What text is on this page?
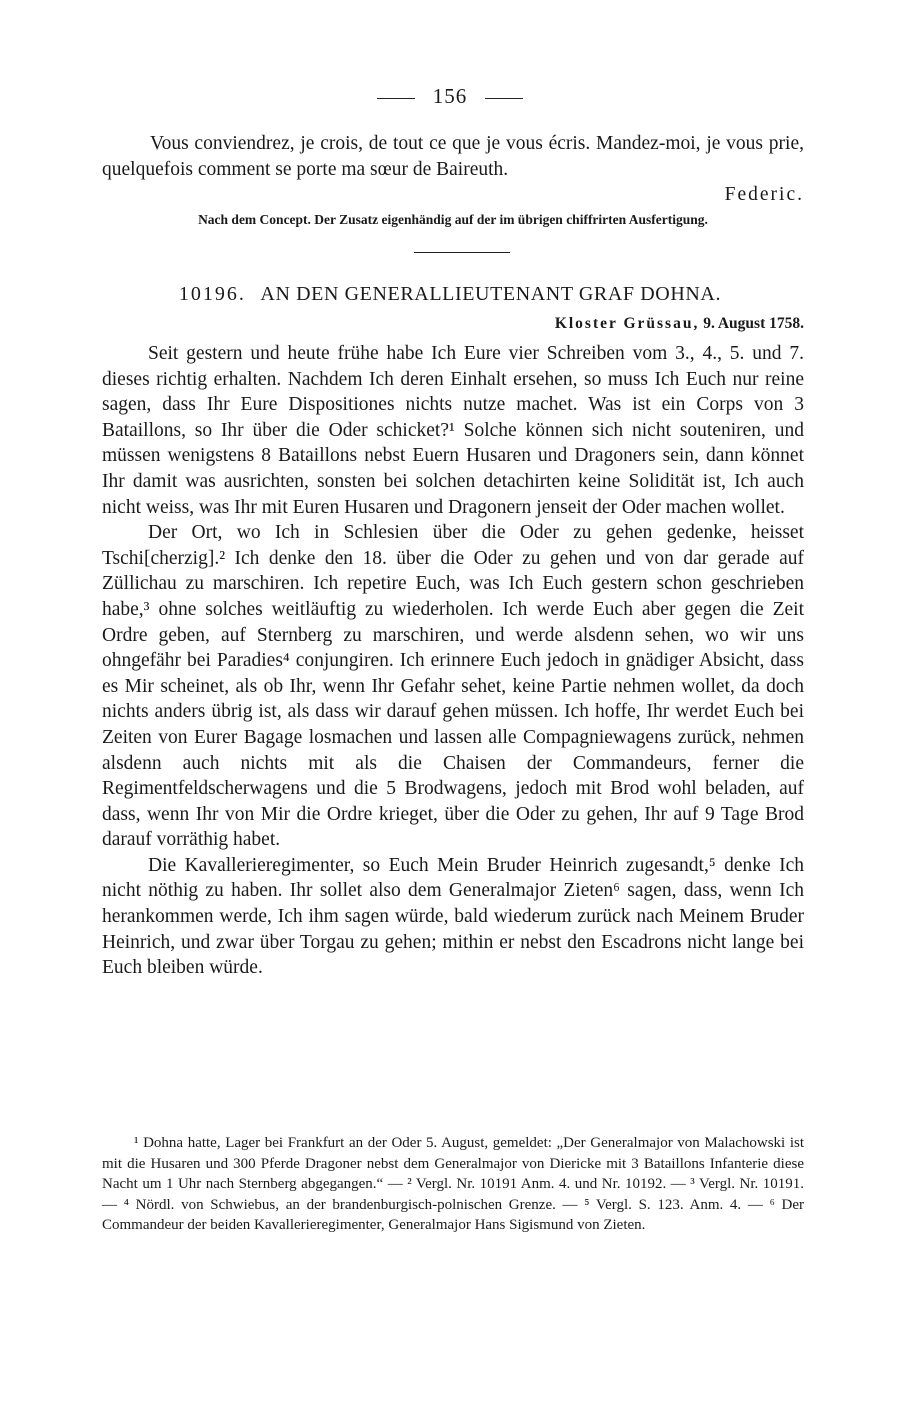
156
Vous conviendrez, je crois, de tout ce que je vous écris. Mandez-moi, je vous prie, quelquefois comment se porte ma sœur de Baireuth.
Federic.
Nach dem Concept. Der Zusatz eigenhändig auf der im übrigen chiffrirten Ausfertigung.
10196. AN DEN GENERALLIEUTENANT GRAF DOHNA.
Kloster Grüssau, 9. August 1758.

Seit gestern und heute frühe habe Ich Eure vier Schreiben vom 3., 4., 5. und 7. dieses richtig erhalten. Nachdem Ich deren Einhalt ersehen, so muss Ich Euch nur reine sagen, dass Ihr Eure Dispositiones nichts nutze machet. Was ist ein Corps von 3 Bataillons, so Ihr über die Oder schicket?¹ Solche können sich nicht souteniren, und müssen wenigstens 8 Bataillons nebst Euern Husaren und Dragoners sein, dann könnet Ihr damit was ausrichten, sonsten bei solchen detachirten keine Solidität ist, Ich auch nicht weiss, was Ihr mit Euren Husaren und Dragonern jenseit der Oder machen wollet.

Der Ort, wo Ich in Schlesien über die Oder zu gehen gedenke, heisset Tschi[cherzig].² Ich denke den 18. über die Oder zu gehen und von dar gerade auf Züllichau zu marschiren. Ich repetire Euch, was Ich Euch gestern schon geschrieben habe,³ ohne solches weitläuftig zu wiederholen. Ich werde Euch aber gegen die Zeit Ordre geben, auf Sternberg zu marschiren, und werde alsdenn sehen, wo wir uns ohngefähr bei Paradies⁴ conjungiren. Ich erinnere Euch jedoch in gnädiger Absicht, dass es Mir scheinet, als ob Ihr, wenn Ihr Gefahr sehet, keine Partie nehmen wollet, da doch nichts anders übrig ist, als dass wir darauf gehen müssen. Ich hoffe, Ihr werdet Euch bei Zeiten von Eurer Bagage losmachen und lassen alle Compagniewagens zurück, nehmen alsdenn auch nichts mit als die Chaisen der Commandeurs, ferner die Regimentfeldscherwagens und die 5 Brodwagens, jedoch mit Brod wohl beladen, auf dass, wenn Ihr von Mir die Ordre krieget, über die Oder zu gehen, Ihr auf 9 Tage Brod darauf vorräthig habet.

Die Kavallerieregimenter, so Euch Mein Bruder Heinrich zugesandt,⁵ denke Ich nicht nöthig zu haben. Ihr sollet also dem Generalmajor Zieten⁶ sagen, dass, wenn Ich herankommen werde, Ich ihm sagen würde, bald wiederum zurück nach Meinem Bruder Heinrich, und zwar über Torgau zu gehen; mithin er nebst den Escadrons nicht lange bei Euch bleiben würde.

¹ Dohna hatte, Lager bei Frankfurt an der Oder 5. August, gemeldet: „Der Generalmajor von Malachowski ist mit die Husaren und 300 Pferde Dragoner nebst dem Generalmajor von Diericke mit 3 Bataillons Infanterie diese Nacht um 1 Uhr nach Sternberg abgegangen.“ — ² Vergl. Nr. 10191 Anm. 4. und Nr. 10192. — ³ Vergl. Nr. 10191. — ⁴ Nördl. von Schwiebus, an der brandenburgisch-polnischen Grenze. — ⁵ Vergl. S. 123. Anm. 4. — ⁶ Der Commandeur der beiden Kavallerieregimenter, Generalmajor Hans Sigismund von Zieten.
